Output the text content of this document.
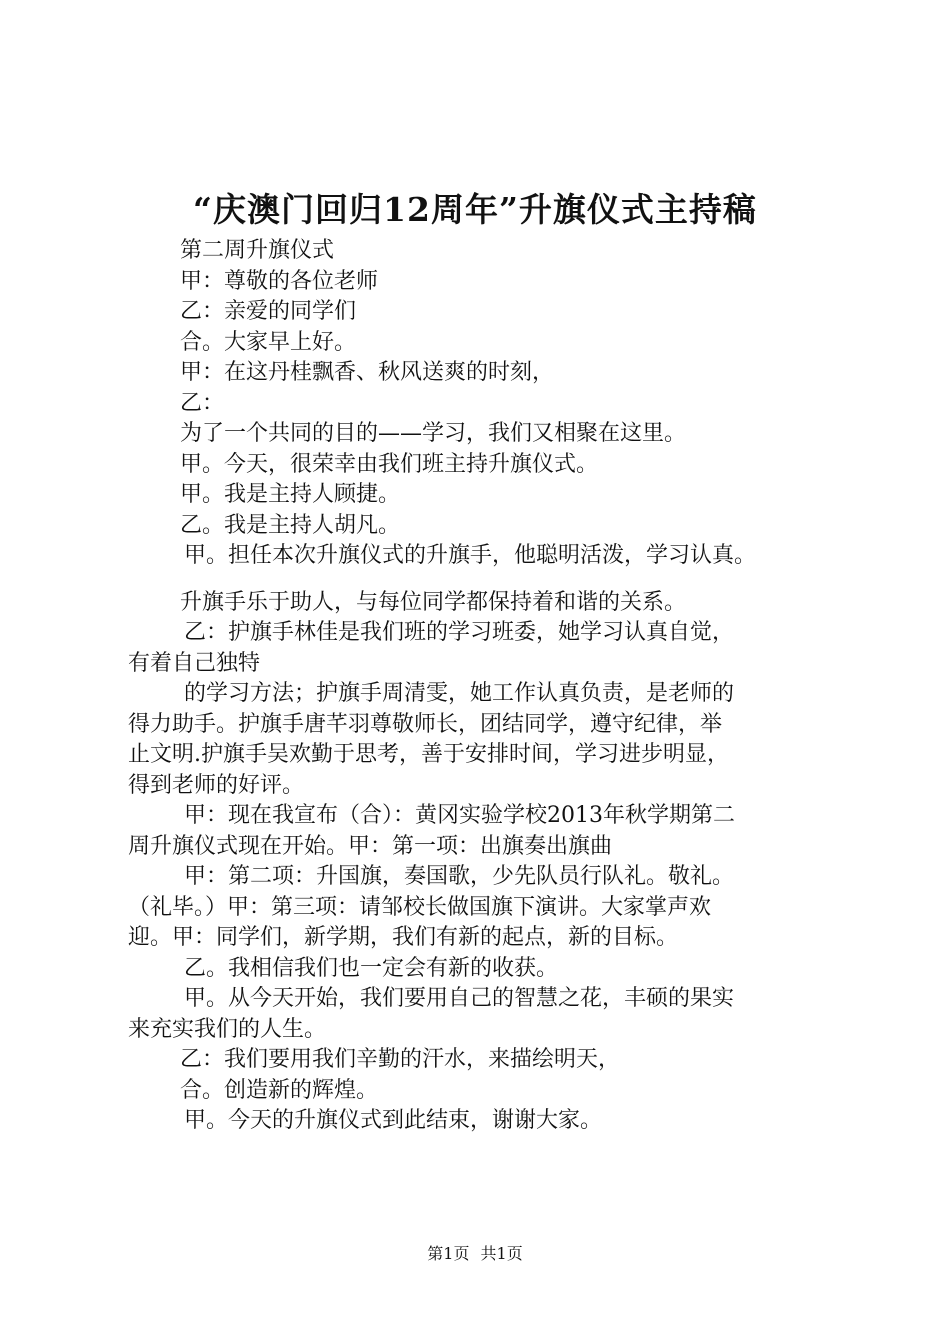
“庆澳门回归12周年”升旗仪式主持稿

第二周升旗仪式

甲：尊敬的各位老师

乙：亲爱的同学们

合。大家早上好。

甲：在这丹桂飘香、秋风送爽的时刻，

乙：

为了一个共同的目的——学习，我们又相聚在这里。

甲。今天，很荣幸由我们班主持升旗仪式。

甲。我是主持人顾捷。

乙。我是主持人胡凡。

甲。担任本次升旗仪式的升旗手，他聪明活泼，学习认真。

升旗手乐于助人，与每位同学都保持着和谐的关系。

乙：护旗手林佳是我们班的学习班委，她学习认真自觉，

有着自己独特

的学习方法；护旗手周清雯，她工作认真负责，是老师的

得力助手。护旗手唐芊羽尊敬师长，团结同学，遵守纪律，举

止文明.护旗手吴欢勤于思考，善于安排时间，学习进步明显，

得到老师的好评。

甲：现在我宣布（合）：黄冈实验学校2013年秋学期第二

周升旗仪式现在开始。甲：第一项：出旗奏出旗曲

甲：第二项：升国旗，奏国歌，少先队员行队礼。敬礼。

（礼毕。）甲：第三项：请邹校长做国旗下演讲。大家掌声欢

迎。甲：同学们，新学期，我们有新的起点，新的目标。

乙。我相信我们也一定会有新的收获。

甲。从今天开始，我们要用自己的智慧之花，丰硕的果实

来充实我们的人生。

乙：我们要用我们辛勤的汗水，来描绘明天，

合。创造新的辉煌。

甲。今天的升旗仪式到此结束，谢谢大家。

第1页 共1页
